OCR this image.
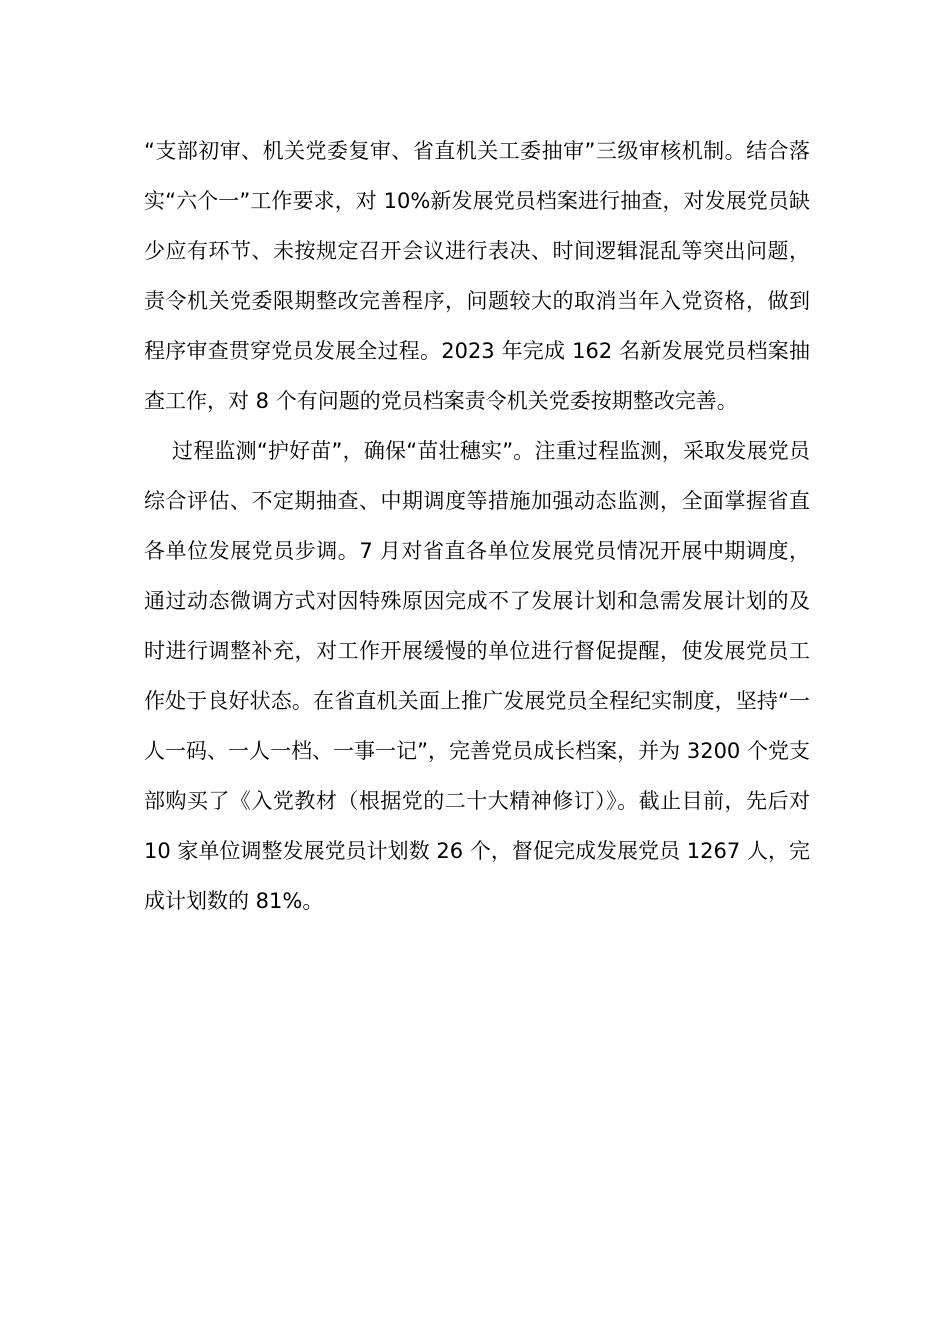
“支部初审、机关党委复审、省直机关工委抽审”三级审核机制。结合落实“六个一”工作要求，对 10%新发展党员档案进行抽查，对发展党员缺少应有环节、未按规定召开会议进行表决、时间逻辑混乱等突出问题，责令机关党委限期整改完善程序，问题较大的取消当年入党资格，做到程序审查贯穿党员发展全过程。2023 年完成 162 名新发展党员档案抽查工作，对 8 个有问题的党员档案责令机关党委按期整改完善。

过程监测“护好苗”，确保“苗壮穗实”。注重过程监测，采取发展党员综合评估、不定期抽查、中期调度等措施加强动态监测，全面掌握省直各单位发展党员步调。7 月对省直各单位发展党员情况开展中期调度，通过动态微调方式对因特殊原因完成不了发展计划和急需发展计划的及时进行调整补充，对工作开展缓慢的单位进行督促提醒，使发展党员工作处于良好状态。在省直机关面上推广发展党员全程纪实制度，坚持“一人一码、一人一档、一事一记”，完善党员成长档案，并为 3200 个党支部购买了《入党教材（根据党的二十大精神修订）》。截止目前，先后对 10 家单位调整发展党员计划数 26 个，督促完成发展党员 1267 人，完成计划数的 81%。
